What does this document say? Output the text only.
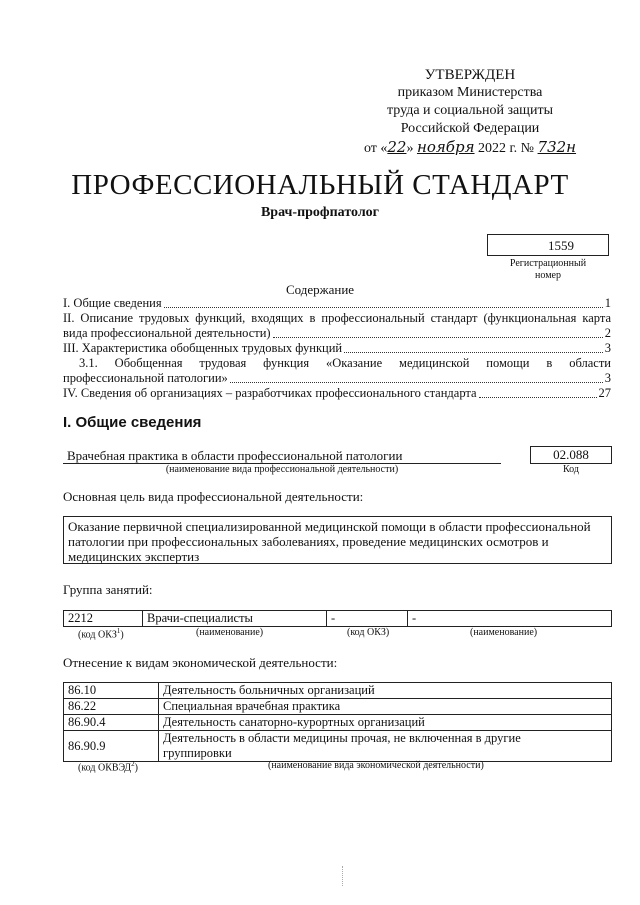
УТВЕРЖДЕН
приказом Министерства
труда и социальной защиты
Российской Федерации
от «22» ноября 2022 г. № 732н
ПРОФЕССИОНАЛЬНЫЙ СТАНДАРТ
Врач-профпатолог
1559
Регистрационный
номер
Содержание
I. Общие сведения	1
II. Описание трудовых функций, входящих в профессиональный стандарт (функциональная карта
вида профессиональной деятельности)	2
III. Характеристика обобщенных трудовых функций	3
3.1. Обобщенная трудовая функция «Оказание медицинской помощи в области
профессиональной патологии»	3
IV. Сведения об организациях – разработчиках профессионального стандарта	27
I. Общие сведения
Врачебная практика в области профессиональной патологии
(наименование вида профессиональной деятельности)
02.088
Код
Основная цель вида профессиональной деятельности:
Оказание первичной специализированной медицинской помощи в области профессиональной патологии при профессиональных заболеваниях, проведение медицинских осмотров и медицинских экспертиз
Группа занятий:
2212	Врачи-специалисты	-	-
(код ОКЗ$^1$)	(наименование)	(код ОКЗ)	(наименование)
Отнесение к видам экономической деятельности:
86.10	Деятельность больничных организаций
86.22	Специальная врачебная практика
86.90.4	Деятельность санаторно-курортных организаций
86.90.9	Деятельность в области медицины прочая, не включенная в другие группировки
(код ОКВЭД$^2$)	(наименование вида экономической деятельности)
